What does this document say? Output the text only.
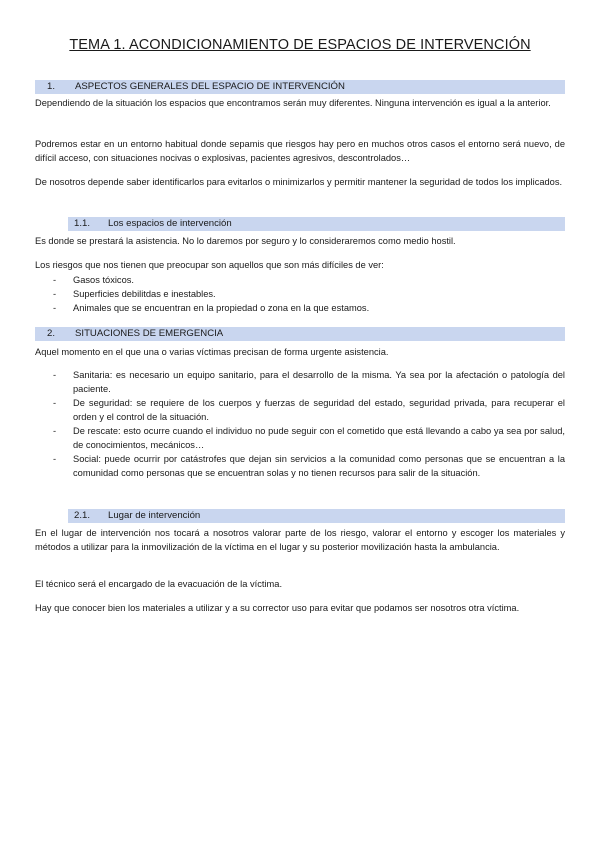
TEMA 1. ACONDICIONAMIENTO DE ESPACIOS DE INTERVENCIÓN
1. ASPECTOS GENERALES DEL ESPACIO DE INTERVENCIÓN
Dependiendo de la situación los espacios que encontramos serán muy diferentes. Ninguna intervención es igual a la anterior.
Podremos estar en un entorno habitual donde sepamis que riesgos hay pero en muchos otros casos el entorno será nuevo, de difícil acceso, con situaciones nocivas o explosivas, pacientes agresivos, descontrolados…
De nosotros depende saber identificarlos para evitarlos o minimizarlos y permitir mantener la seguridad de todos los implicados.
1.1. Los espacios de intervención
Es donde se prestará la asistencia. No lo daremos por seguro y lo consideraremos como medio hostil.
Los riesgos que nos tienen que preocupar son aquellos que son más difíciles de ver:
- Gasos tóxicos.
- Superficies debilitdas e inestables.
- Animales que se encuentran en la propiedad o zona en la que estamos.
2. SITUACIONES DE EMERGENCIA
Aquel momento en el que una o varias víctimas precisan de forma urgente asistencia.
- Sanitaria: es necesario un equipo sanitario, para el desarrollo de la misma. Ya sea por la afectación o patología del paciente.
- De seguridad: se requiere de los cuerpos y fuerzas de seguridad del estado, seguridad privada, para recuperar el orden y el control de la situación.
- De rescate: esto ocurre cuando el individuo no pude seguir con el cometido que está llevando a cabo ya sea por salud, de conocimientos, mecánicos…
- Social: puede ocurrir por catástrofes que dejan sin servicios a la comunidad como personas que se encuentran a la comunidad como personas que se encuentran solas y no tienen recursos para salir de la situación.
2.1. Lugar de intervención
En el lugar de intervención nos tocará a nosotros valorar parte de los riesgo, valorar el entorno y escoger los materiales y métodos a utilizar para la inmovilización de la víctima en el lugar y su posterior movilización hasta la ambulancia.
El técnico será el encargado de la evacuación de la víctima.
Hay que conocer bien los materiales a utilizar y a su corrector uso para evitar que podamos ser nosotros otra víctima.
